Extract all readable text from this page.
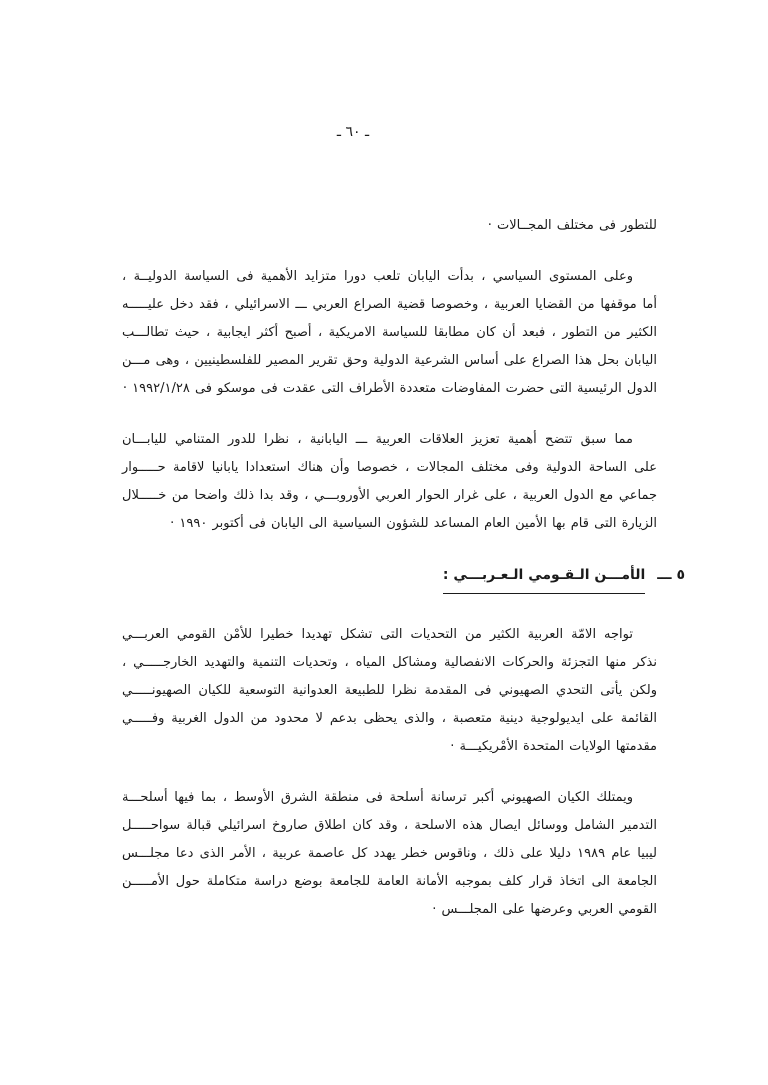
ـ ٦٠ ـ
للتطور فى مختلف المجــالات ·
وعلى المستوى السياسي ، بدأت اليابان تلعب دورا متزايد الأهمية فى السياسة الدوليــة ،
أما موقفها من القضايا العربية ، وخصوصا قضية الصراع العربي ـــ الاسرائيلي ، فقد دخل عليـــــه
الكثير من التطور ، فبعد أن كان مطابقا للسياسة الامريكية ، أصبح أكثر ايجابية ، حيث تطالـــب
اليابان بحل هذا الصراع على أساس الشرعية الدولية وحق تقرير المصير للفلسطينيين ، وهى مـــن
الدول الرئيسية التى حضرت المفاوضات متعددة الأطراف التى عقدت فى موسكو فى ١٩٩٢/١/٢٨ ·
مما سبق تتضح أهمية تعزيز العلاقات العربية ـــ اليابانية ، نظرا للدور المتنامي لليابـــان
على الساحة الدولية وفى مختلف المجالات ، خصوصا وأن هناك استعدادا يابانيا لاقامة حـــــوار
جماعي مع الدول العربية ، على غرار الحوار العربي الأوروبـــي ، وقد بدا ذلك واضحا من خـــــلال
الزيارة التى قام بها الأمين العام المساعد للشؤون السياسية الى اليابان فى أكتوبر ١٩٩٠ ·
٥ ـــ الأمـــن الـقـومي الـعـربـــي :
تواجه الامّة العربية الكثير من التحديات التى تشكل تهديدا خطيرا للأمْن القومي العربـــي
نذكر منها التجزئة والحركات الانفصالية ومشاكل المياه ، وتحديات التنمية والتهديد الخارجـــــي ،
ولكن يأتى التحدي الصهيوني فى المقدمة نظرا للطبيعة العدوانية التوسعية للكيان الصهيونـــــي
القائمة على ايديولوجية دينية متعصبة ، والذى يحظى بدعم لا محدود من الدول الغربية وفـــــي
مقدمتها الولايات المتحدة الأمْريكيـــة ·
ويمتلك الكيان الصهيوني أكبر ترسانة أسلحة فى منطقة الشرق الأوسط ، بما فيها أسلحـــة
التدمير الشامل ووسائل ايصال هذه الاسلحة ، وقد كان اطلاق صاروخ اسرائيلي قبالة سواحـــــل
ليبيا عام ١٩٨٩ دليلا على ذلك ، وناقوس خطر يهدد كل عاصمة عربية ، الأمر الذى دعا مجلـــس
الجامعة الى اتخاذ قرار كلف بموجبه الأمانة العامة للجامعة بوضع دراسة متكاملة حول الأمـــــن
القومي العربي وعرضها على المجلـــس ·
